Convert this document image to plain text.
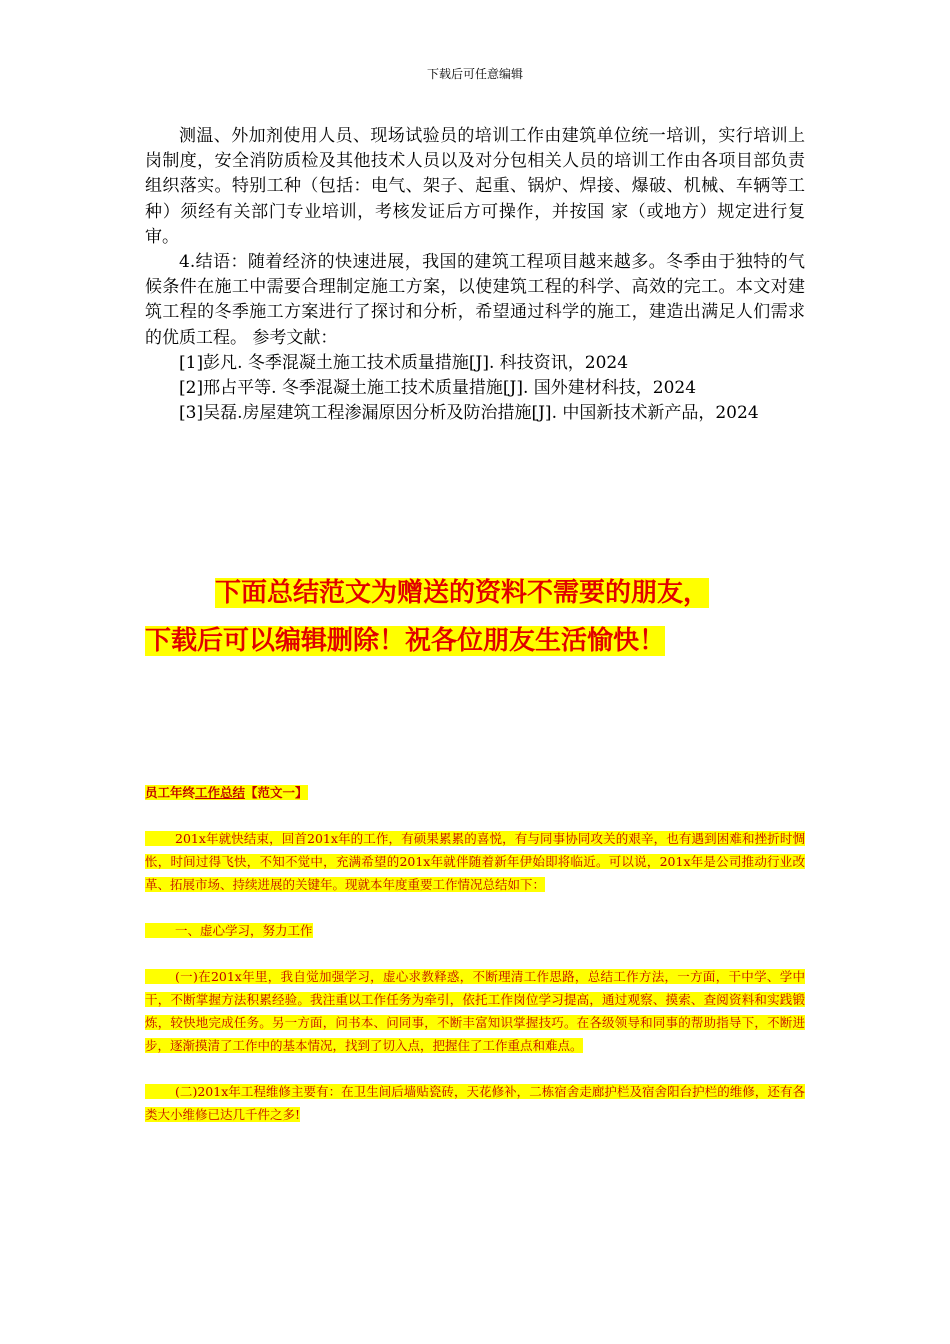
下载后可任意编辑

测温、外加剂使用人员、现场试验员的培训工作由建筑单位统一培训，实行培训上岗制度，安全消防质检及其他技术人员以及对分包相关人员的培训工作由各项目部负责组织落实。特别工种（包括：电气、架子、起重、锅炉、焊接、爆破、机械、车辆等工种）须经有关部门专业培训，考核发证后方可操作，并按国 家（或地方）规定进行复审。

4.结语：随着经济的快速进展，我国的建筑工程项目越来越多。冬季由于独特的气候条件在施工中需要合理制定施工方案，以使建筑工程的科学、高效的完工。本文对建筑工程的冬季施工方案进行了探讨和分析，希望通过科学的施工，建造出满足人们需求的优质工程。 参考文献：

[1]彭凡. 冬季混凝土施工技术质量措施[J]. 科技资讯，2024

[2]邢占平等. 冬季混凝土施工技术质量措施[J]. 国外建材科技，2024

[3]吴磊.房屋建筑工程渗漏原因分析及防治措施[J]. 中国新技术新产品，2024

下面总结范文为赠送的资料不需要的朋友，
下载后可以编辑删除！祝各位朋友生活愉快！

员工年终工作总结【范文一】

201x年就快结束，回首201x年的工作，有硕果累累的喜悦，有与同事协同攻关的艰辛，也有遇到困难和挫折时惆怅，时间过得飞快，不知不觉中，充满希望的201x年就伴随着新年伊始即将临近。可以说，201x年是公司推动行业改革、拓展市场、持续进展的关键年。现就本年度重要工作情况总结如下：

一、虚心学习，努力工作

(一)在201x年里，我自觉加强学习，虚心求教释惑，不断理清工作思路，总结工作方法，一方面，干中学、学中干，不断掌握方法积累经验。我注重以工作任务为牵引，依托工作岗位学习提高，通过观察、摸索、查阅资料和实践锻炼，较快地完成任务。另一方面，问书本、问同事，不断丰富知识掌握技巧。在各级领导和同事的帮助指导下，不断进步，逐渐摸清了工作中的基本情况，找到了切入点，把握住了工作重点和难点。

(二)201x年工程维修主要有：在卫生间后墙贴瓷砖，天花修补，二栋宿舍走廊护栏及宿舍阳台护栏的维修，还有各类大小维修已达几千件之多!
